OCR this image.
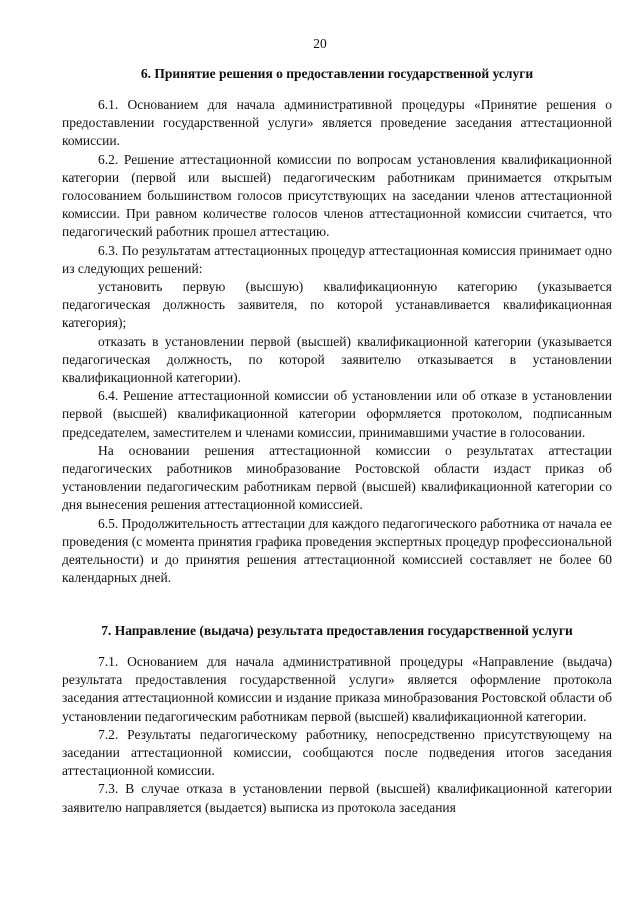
20
6. Принятие решения о предоставлении государственной услуги

6.1. Основанием для начала административной процедуры «Принятие решения о предоставлении государственной услуги» является проведение заседания аттестационной комиссии.

6.2. Решение аттестационной комиссии по вопросам установления квалификационной категории (первой или высшей) педагогическим работникам принимается открытым голосованием большинством голосов присутствующих на заседании членов аттестационной комиссии. При равном количестве голосов членов аттестационной комиссии считается, что педагогический работник прошел аттестацию.

6.3. По результатам аттестационных процедур аттестационная комиссия принимает одно из следующих решений:

установить первую (высшую) квалификационную категорию (указывается педагогическая должность заявителя, по которой устанавливается квалификационная категория);

отказать в установлении первой (высшей) квалификационной категории (указывается педагогическая должность, по которой заявителю отказывается в установлении квалификационной категории).

6.4. Решение аттестационной комиссии об установлении или об отказе в установлении первой (высшей) квалификационной категории оформляется протоколом, подписанным председателем, заместителем и членами комиссии, принимавшими участие в голосовании.

На основании решения аттестационной комиссии о результатах аттестации педагогических работников минобразование Ростовской области издаст приказ об установлении педагогическим работникам первой (высшей) квалификационной категории со дня вынесения решения аттестационной комиссией.

6.5. Продолжительность аттестации для каждого педагогического работника от начала ее проведения (с момента принятия графика проведения экспертных процедур профессиональной деятельности) и до принятия решения аттестационной комиссией составляет не более 60 календарных дней.

7. Направление (выдача) результата предоставления государственной услуги

7.1. Основанием для начала административной процедуры «Направление (выдача) результата предоставления государственной услуги» является оформление протокола заседания аттестационной комиссии и издание приказа минобразования Ростовской области об установлении педагогическим работникам первой (высшей) квалификационной категории.

7.2. Результаты педагогическому работнику, непосредственно присутствующему на заседании аттестационной комиссии, сообщаются после подведения итогов заседания аттестационной комиссии.

7.3. В случае отказа в установлении первой (высшей) квалификационной категории заявителю направляется (выдается) выписка из протокола заседания
